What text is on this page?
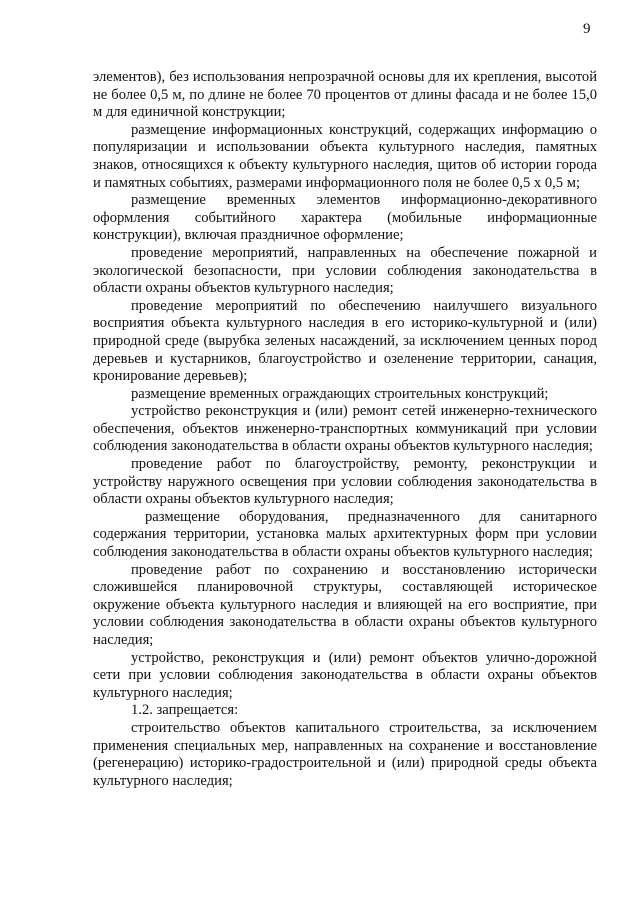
9

элементов), без использования непрозрачной основы для их крепления, высотой не более 0,5 м, по длине не более 70 процентов от длины фасада и не более 15,0 м для единичной конструкции;

размещение информационных конструкций, содержащих информацию о популяризации и использовании объекта культурного наследия, памятных знаков, относящихся к объекту культурного наследия, щитов об истории города и памятных событиях, размерами информационного поля не более 0,5 х 0,5 м;

размещение временных элементов информационно-декоративного оформления событийного характера (мобильные информационные конструкции), включая праздничное оформление;

проведение мероприятий, направленных на обеспечение пожарной и экологической безопасности, при условии соблюдения законодательства в области охраны объектов культурного наследия;

проведение мероприятий по обеспечению наилучшего визуального восприятия объекта культурного наследия в его историко-культурной и (или) природной среде (вырубка зеленых насаждений, за исключением ценных пород деревьев и кустарников, благоустройство и озеленение территории, санация, кронирование деревьев);

размещение временных ограждающих строительных конструкций;

устройство реконструкция и (или) ремонт сетей инженерно-технического обеспечения, объектов инженерно-транспортных коммуникаций при условии соблюдения законодательства в области охраны объектов культурного наследия;

проведение работ по благоустройству, ремонту, реконструкции и устройству наружного освещения при условии соблюдения законодательства в области охраны объектов культурного наследия;

размещение оборудования, предназначенного для санитарного содержания территории, установка малых архитектурных форм при условии соблюдения законодательства в области охраны объектов культурного наследия;

проведение работ по сохранению и восстановлению исторически сложившейся планировочной структуры, составляющей историческое окружение объекта культурного наследия и влияющей на его восприятие, при условии соблюдения законодательства в области охраны объектов культурного наследия;

устройство, реконструкция и (или) ремонт объектов улично-дорожной сети при условии соблюдения законодательства в области охраны объектов культурного наследия;

1.2. запрещается:

строительство объектов капитального строительства, за исключением применения специальных мер, направленных на сохранение и восстановление (регенерацию) историко-градостроительной и (или) природной среды объекта культурного наследия;
